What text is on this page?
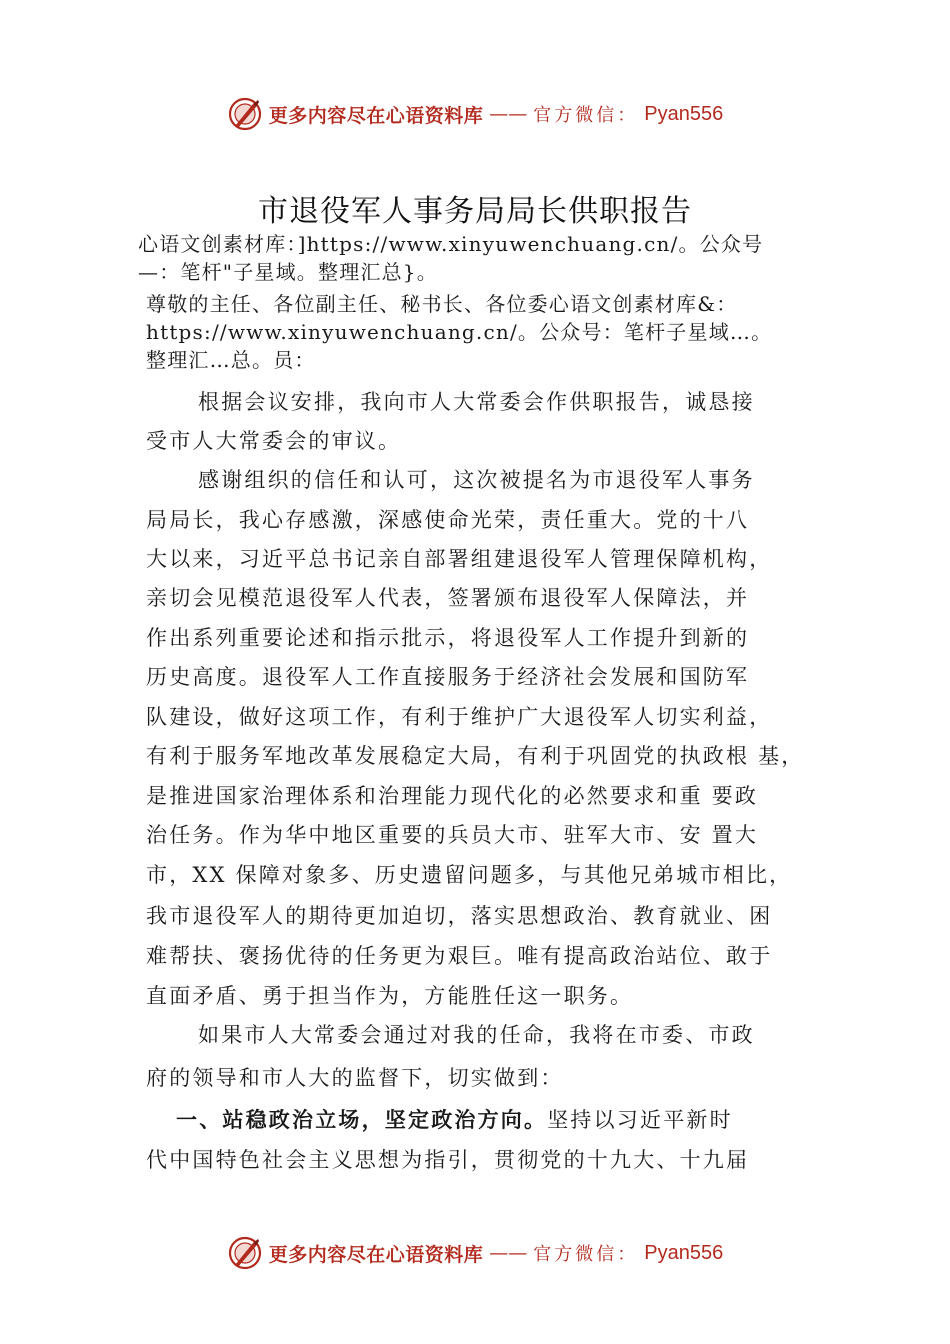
更多内容尽在心语资料库 —— 官方微信： Pyan556
市退役军人事务局局长供职报告
心语文创素材库：]https://www.xinyuwenchuang.cn/。公众号
—：笔杆"子星域。整理汇总}。
尊敬的主任、各位副主任、秘书长、各位委心语文创素材库&：
https://www.xinyuwenchuang.cn/。公众号：笔杆子星域…。
整理汇…总。员：
根据会议安排，我向市人大常委会作供职报告，诚恳接
受市人大常委会的审议。
感谢组织的信任和认可，这次被提名为市退役军人事务
局局长，我心存感激，深感使命光荣，责任重大。党的十八
大以来，习近平总书记亲自部署组建退役军人管理保障机构，
亲切会见模范退役军人代表，签署颁布退役军人保障法，并
作出系列重要论述和指示批示，将退役军人工作提升到新的
历史高度。退役军人工作直接服务于经济社会发展和国防军
队建设，做好这项工作，有利于维护广大退役军人切实利益，
有利于服务军地改革发展稳定大局，有利于巩固党的执政根 基，
是推进国家治理体系和治理能力现代化的必然要求和重 要政
治任务。作为华中地区重要的兵员大市、驻军大市、安 置大
市，XX 保障对象多、历史遗留问题多，与其他兄弟城市相比，
我市退役军人的期待更加迫切，落实思想政治、教育就业、困
难帮扶、褒扬优待的任务更为艰巨。唯有提高政治站位、敢于
直面矛盾、勇于担当作为，方能胜任这一职务。
如果市人大常委会通过对我的任命，我将在市委、市政
府的领导和市人大的监督下，切实做到：
一、站稳政治立场，坚定政治方向。坚持以习近平新时
代中国特色社会主义思想为指引，贯彻党的十九大、十九届
更多内容尽在心语资料库 —— 官方微信： Pyan556
